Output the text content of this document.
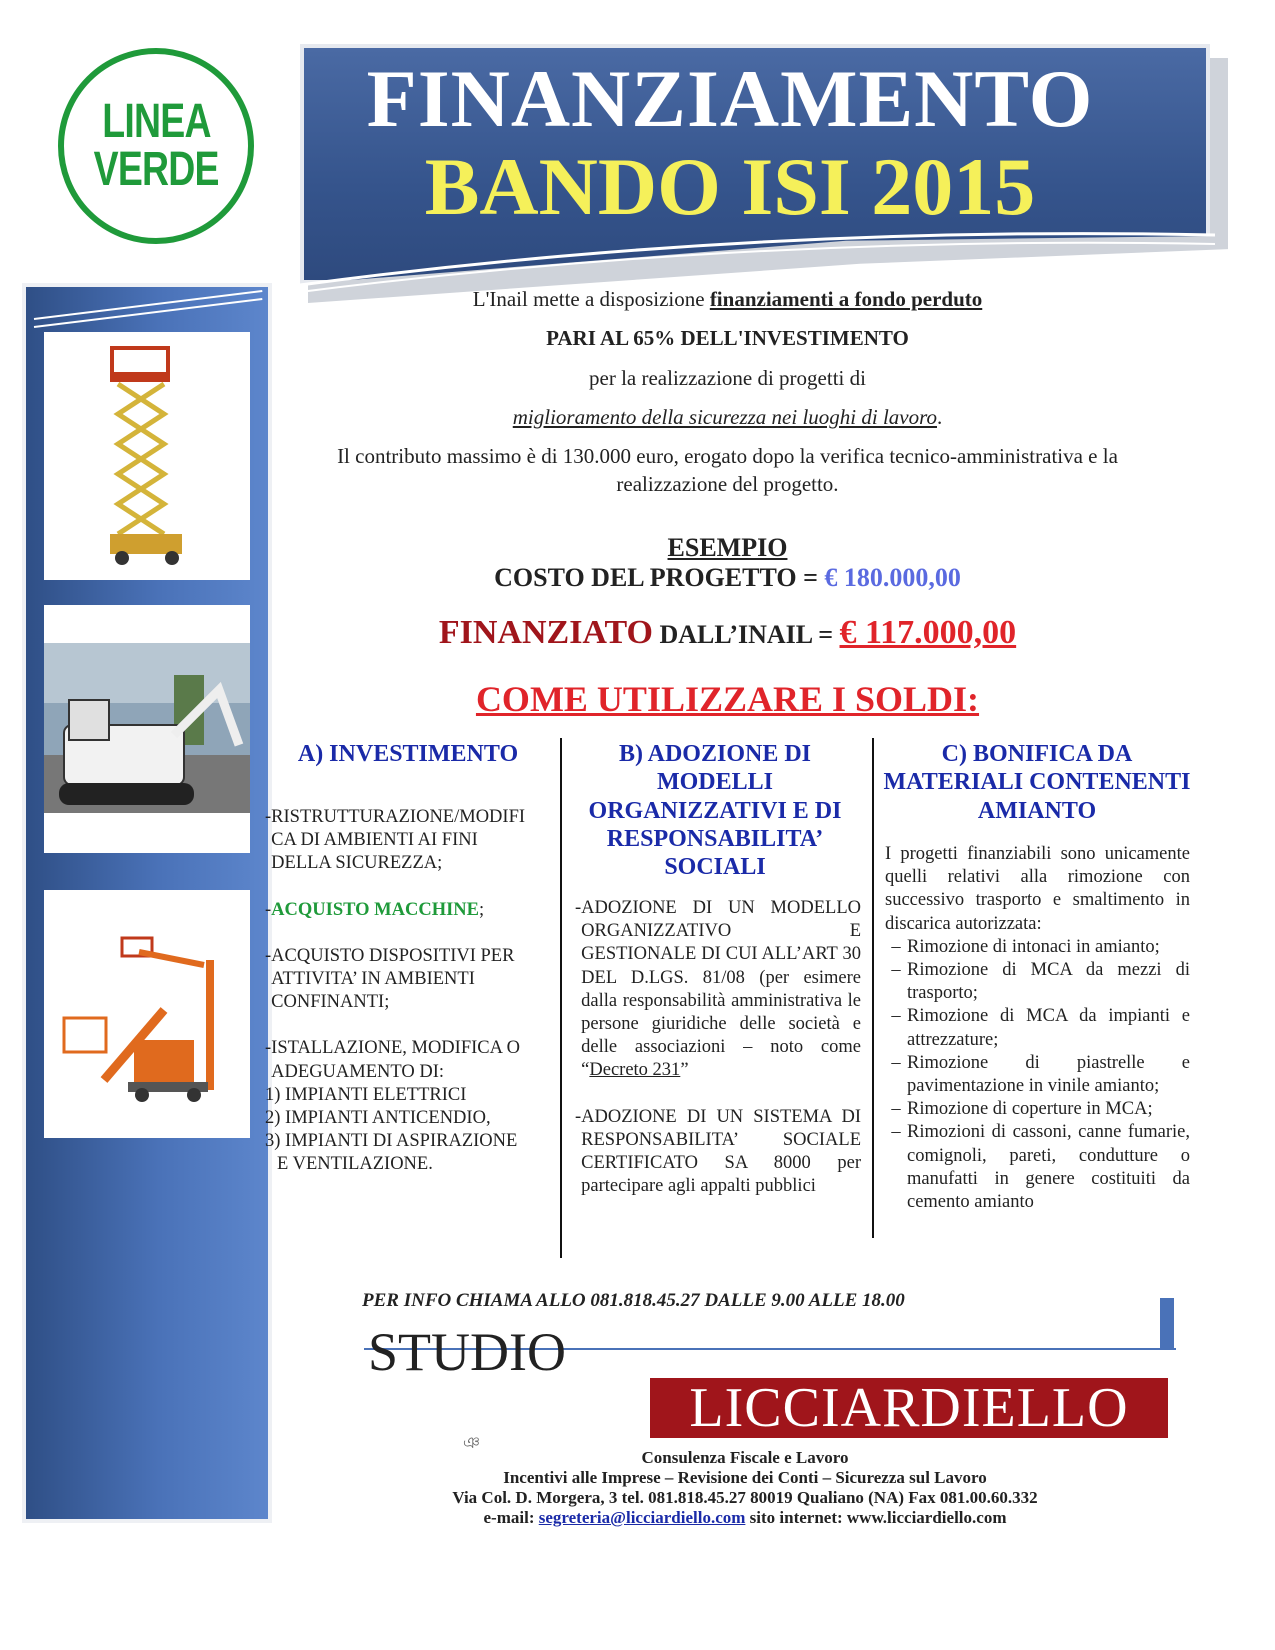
LINEA
VERDE
FINANZIAMENTO
BANDO ISI 2015
L'Inail mette a disposizione finanziamenti a fondo perduto
PARI AL 65% DELL'INVESTIMENTO
per la realizzazione di progetti di
miglioramento della sicurezza nei luoghi di lavoro.
Il contributo massimo è di 130.000 euro, erogato dopo la verifica tecnico-amministrativa e la
realizzazione del progetto.
ESEMPIO
COSTO DEL PROGETTO = € 180.000,00
FINANZIATO DALL’INAIL = € 117.000,00
COME UTILIZZARE I SOLDI:
A) INVESTIMENTO
- RISTRUTTURAZIONE/MODIFI
CA DI AMBIENTI AI FINI
DELLA SICUREZZA;
- ACQUISTO MACCHINE;
- ACQUISTO DISPOSITIVI PER
ATTIVITA’ IN AMBIENTI
CONFINANTI;
- ISTALLAZIONE, MODIFICA O
ADEGUAMENTO DI:
1) IMPIANTI ELETTRICI
2) IMPIANTI ANTICENDIO,
3) IMPIANTI DI ASPIRAZIONE
E VENTILAZIONE.
B) ADOZIONE DI
MODELLI
ORGANIZZATIVI E DI
RESPONSABILITA’
SOCIALI
- ADOZIONE DI UN MODELLO ORGANIZZATIVO E GESTIONALE DI CUI ALL’ART 30 DEL D.LGS. 81/08 (per esimere dalla responsabilità amministrativa le persone giuridiche delle società e delle associazioni – noto come “Decreto 231”
- ADOZIONE DI UN SISTEMA DI RESPONSABILITA’ SOCIALE CERTIFICATO SA 8000 per partecipare agli appalti pubblici
C) BONIFICA DA
MATERIALI CONTENENTI
AMIANTO
I progetti finanziabili sono unicamente quelli relativi alla rimozione con successivo trasporto e smaltimento in discarica autorizzata:
– Rimozione di intonaci in amianto;
– Rimozione di MCA da mezzi di trasporto;
– Rimozione di MCA da impianti e attrezzature;
– Rimozione di piastrelle e pavimentazione in vinile amianto;
– Rimozione di coperture in MCA;
– Rimozioni di cassoni, canne fumarie, comignoli, pareti, condutture o manufatti in genere costituiti da cemento amianto
PER INFO CHIAMA ALLO 081.818.45.27 DALLE 9.00 ALLE 18.00
STUDIO
ঞ
LICCIARDIELLO
Consulenza Fiscale e Lavoro
Incentivi alle Imprese – Revisione dei Conti – Sicurezza sul Lavoro
Via Col. D. Morgera, 3 tel. 081.818.45.27 80019 Qualiano (NA) Fax 081.00.60.332
e-mail: segreteria@licciardiello.com sito internet: www.licciardiello.com
